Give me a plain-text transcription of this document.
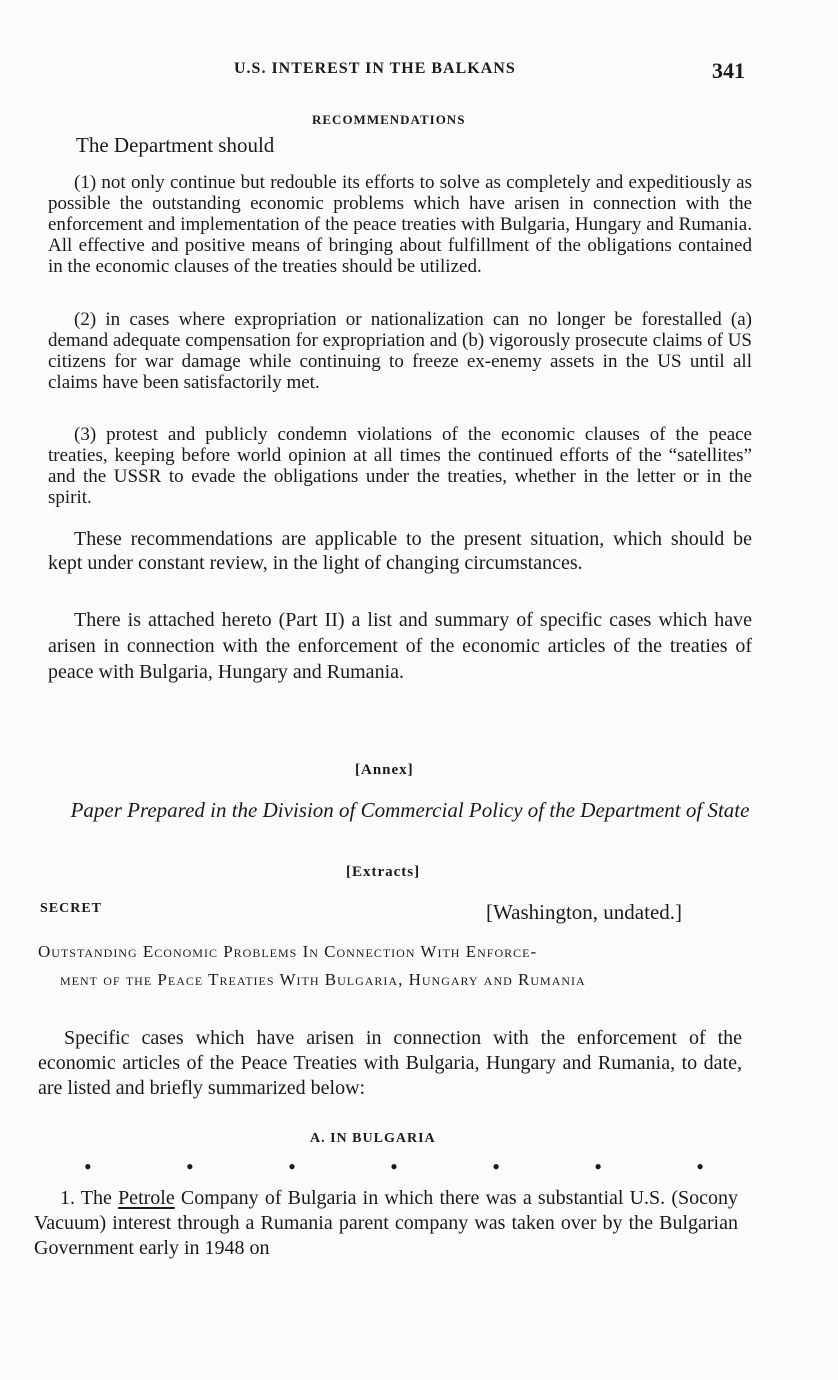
U.S. INTEREST IN THE BALKANS	341
RECOMMENDATIONS
The Department should
(1) not only continue but redouble its efforts to solve as completely and expeditiously as possible the outstanding economic problems which have arisen in connection with the enforcement and implementation of the peace treaties with Bulgaria, Hungary and Rumania. All effective and positive means of bringing about fulfillment of the obligations contained in the economic clauses of the treaties should be utilized.
(2) in cases where expropriation or nationalization can no longer be forestalled (a) demand adequate compensation for expropriation and (b) vigorously prosecute claims of US citizens for war damage while continuing to freeze ex-enemy assets in the US until all claims have been satisfactorily met.
(3) protest and publicly condemn violations of the economic clauses of the peace treaties, keeping before world opinion at all times the continued efforts of the “satellites” and the USSR to evade the obligations under the treaties, whether in the letter or in the spirit.
These recommendations are applicable to the present situation, which should be kept under constant review, in the light of changing circumstances.
There is attached hereto (Part II) a list and summary of specific cases which have arisen in connection with the enforcement of the economic articles of the treaties of peace with Bulgaria, Hungary and Rumania.
[Annex]
Paper Prepared in the Division of Commercial Policy of the Department of State
[Extracts]
SECRET	[Washington, undated.]
Outstanding Economic Problems In Connection With Enforce-
ment of the Peace Treaties With Bulgaria, Hungary and Rumania
Specific cases which have arisen in connection with the enforcement of the economic articles of the Peace Treaties with Bulgaria, Hungary and Rumania, to date, are listed and briefly summarized below:
A. IN BULGARIA
•	•	•	•	•	•	•
1. The Petrole Company of Bulgaria in which there was a substantial U.S. (Socony Vacuum) interest through a Rumania parent company was taken over by the Bulgarian Government early in 1948 on
